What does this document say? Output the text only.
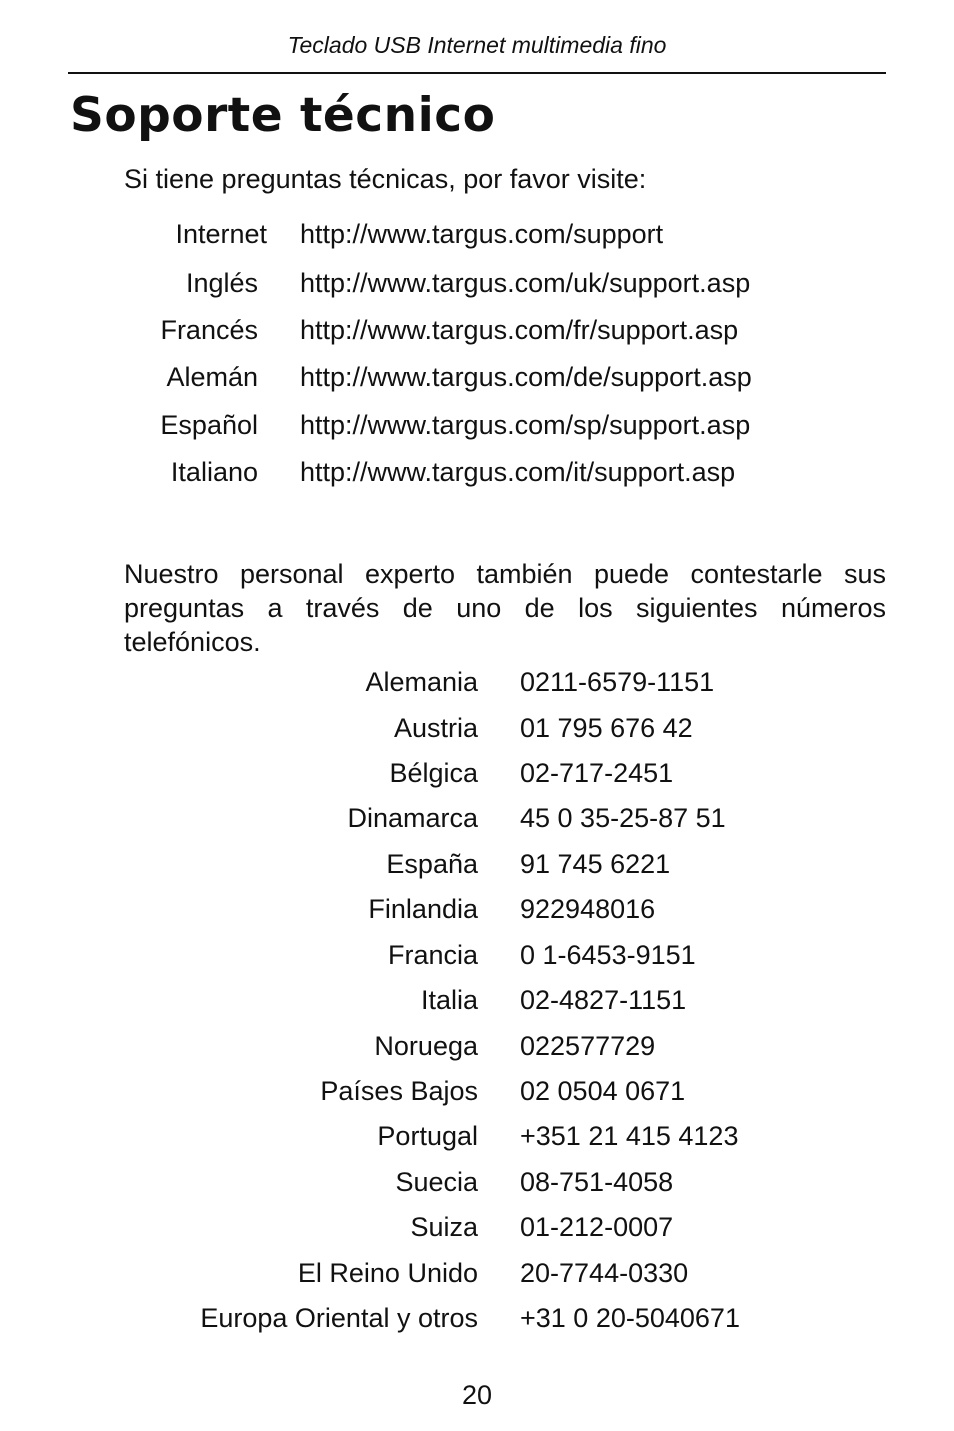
Teclado USB Internet multimedia fino
Soporte técnico
Si tiene preguntas técnicas, por favor visite:
Internet http://www.targus.com/support
Inglés http://www.targus.com/uk/support.asp
Francés http://www.targus.com/fr/support.asp
Alemán http://www.targus.com/de/support.asp
Español http://www.targus.com/sp/support.asp
Italiano http://www.targus.com/it/support.asp
Nuestro personal experto también puede contestarle sus preguntas a través de uno de los siguientes números telefónicos.
Alemania 0211-6579-1151
Austria 01 795 676 42
Bélgica 02-717-2451
Dinamarca 45 0 35-25-87 51
España 91 745 6221
Finlandia 922948016
Francia 0 1-6453-9151
Italia 02-4827-1151
Noruega 022577729
Países Bajos 02 0504 0671
Portugal +351 21 415 4123
Suecia 08-751-4058
Suiza 01-212-0007
El Reino Unido 20-7744-0330
Europa Oriental y otros +31 0 20-5040671
20
